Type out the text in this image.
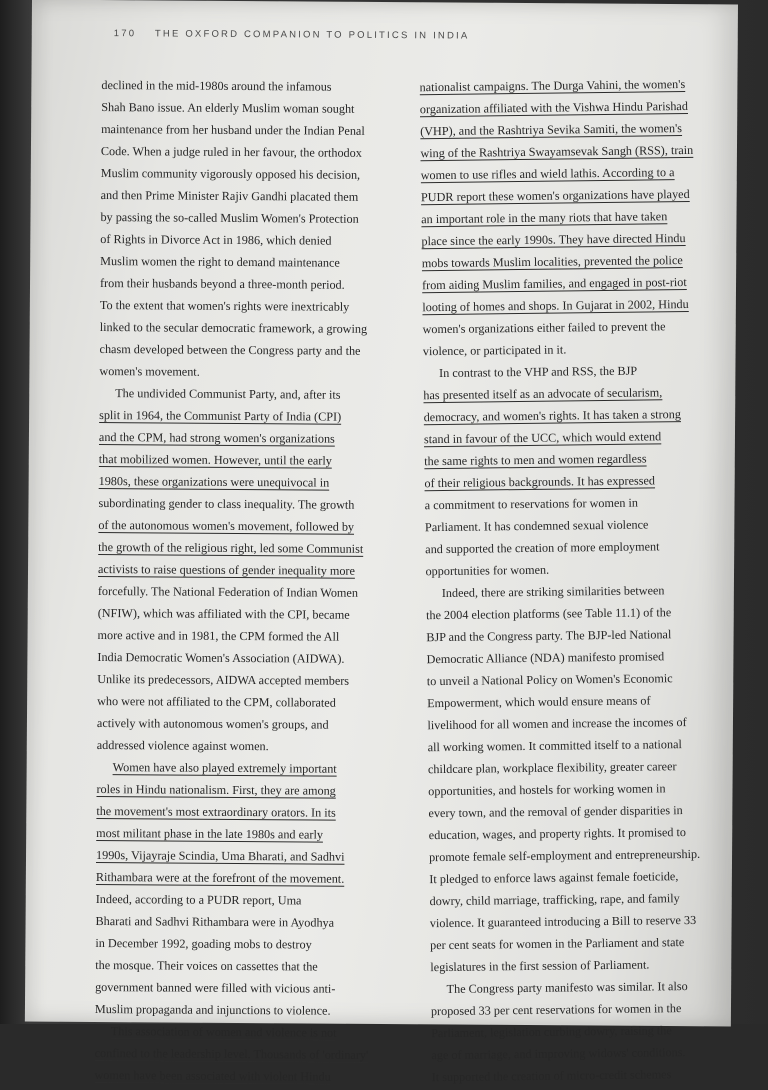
170 THE OXFORD COMPANION TO POLITICS IN INDIA
declined in the mid-1980s around the infamous
Shah Bano issue. An elderly Muslim woman sought
maintenance from her husband under the Indian Penal
Code. When a judge ruled in her favour, the orthodox
Muslim community vigorously opposed his decision,
and then Prime Minister Rajiv Gandhi placated them
by passing the so-called Muslim Women's Protection
of Rights in Divorce Act in 1986, which denied
Muslim women the right to demand maintenance
from their husbands beyond a three-month period.
To the extent that women's rights were inextricably
linked to the secular democratic framework, a growing
chasm developed between the Congress party and the
women's movement.
The undivided Communist Party, and, after its
split in 1964, the Communist Party of India (CPI)
and the CPM, had strong women's organizations
that mobilized women. However, until the early
1980s, these organizations were unequivocal in
subordinating gender to class inequality. The growth
of the autonomous women's movement, followed by
the growth of the religious right, led some Communist
activists to raise questions of gender inequality more
forcefully. The National Federation of Indian Women
(NFIW), which was affiliated with the CPI, became
more active and in 1981, the CPM formed the All
India Democratic Women's Association (AIDWA).
Unlike its predecessors, AIDWA accepted members
who were not affiliated to the CPM, collaborated
actively with autonomous women's groups, and
addressed violence against women.
Women have also played extremely important
roles in Hindu nationalism. First, they are among
the movement's most extraordinary orators. In its
most militant phase in the late 1980s and early
1990s, Vijayraje Scindia, Uma Bharati, and Sadhvi
Rithambara were at the forefront of the movement.
Indeed, according to a PUDR report, Uma
Bharati and Sadhvi Rithambara were in Ayodhya
in December 1992, goading mobs to destroy
the mosque. Their voices on cassettes that the
government banned were filled with vicious anti-
Muslim propaganda and injunctions to violence.
This association of women and violence is not
confined to the leadership level. Thousands of 'ordinary'
women have been associated with violent Hindu
nationalist campaigns. The Durga Vahini, the women's
organization affiliated with the Vishwa Hindu Parishad
(VHP), and the Rashtriya Sevika Samiti, the women's
wing of the Rashtriya Swayamsevak Sangh (RSS), train
women to use rifles and wield lathis. According to a
PUDR report these women's organizations have played
an important role in the many riots that have taken
place since the early 1990s. They have directed Hindu
mobs towards Muslim localities, prevented the police
from aiding Muslim families, and engaged in post-riot
looting of homes and shops. In Gujarat in 2002, Hindu
women's organizations either failed to prevent the
violence, or participated in it.
In contrast to the VHP and RSS, the BJP
has presented itself as an advocate of secularism,
democracy, and women's rights. It has taken a strong
stand in favour of the UCC, which would extend
the same rights to men and women regardless
of their religious backgrounds. It has expressed
a commitment to reservations for women in
Parliament. It has condemned sexual violence
and supported the creation of more employment
opportunities for women.
Indeed, there are striking similarities between
the 2004 election platforms (see Table 11.1) of the
BJP and the Congress party. The BJP-led National
Democratic Alliance (NDA) manifesto promised
to unveil a National Policy on Women's Economic
Empowerment, which would ensure means of
livelihood for all women and increase the incomes of
all working women. It committed itself to a national
childcare plan, workplace flexibility, greater career
opportunities, and hostels for working women in
every town, and the removal of gender disparities in
education, wages, and property rights. It promised to
promote female self-employment and entrepreneurship.
It pledged to enforce laws against female foeticide,
dowry, child marriage, trafficking, rape, and family
violence. It guaranteed introducing a Bill to reserve 33
per cent seats for women in the Parliament and state
legislatures in the first session of Parliament.
The Congress party manifesto was similar. It also
proposed 33 per cent reservations for women in the
Parliament, legislation curbing dowry, raising the
age of marriage, and improving widows' conditions.
It supported the creation of micro-credit schemes
